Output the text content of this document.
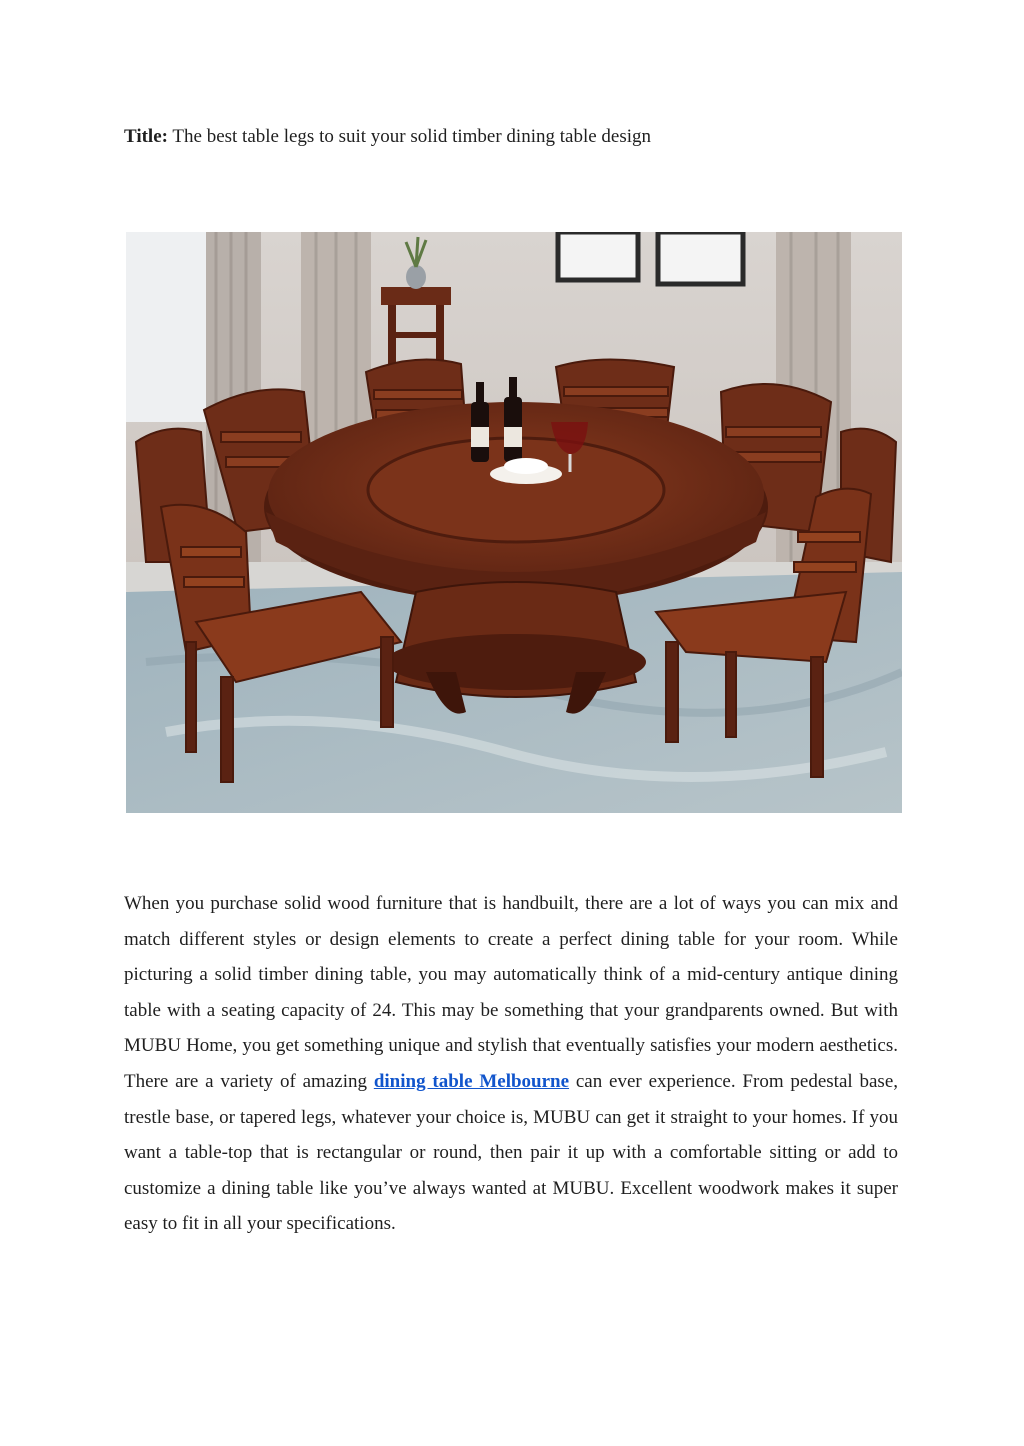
Title: The best table legs to suit your solid timber dining table design

When you purchase solid wood furniture that is handbuilt, there are a lot of ways you can mix and match different styles or design elements to create a perfect dining table for your room. While picturing a solid timber dining table, you may automatically think of a mid-century antique dining table with a seating capacity of 24. This may be something that your grandparents owned. But with MUBU Home, you get something unique and stylish that eventually satisfies your modern aesthetics. There are a variety of amazing dining table Melbourne can ever experience. From pedestal base, trestle base, or tapered legs, whatever your choice is, MUBU can get it straight to your homes. If you want a table-top that is rectangular or round, then pair it up with a comfortable sitting or add to customize a dining table like you’ve always wanted at MUBU. Excellent woodwork makes it super easy to fit in all your specifications.
